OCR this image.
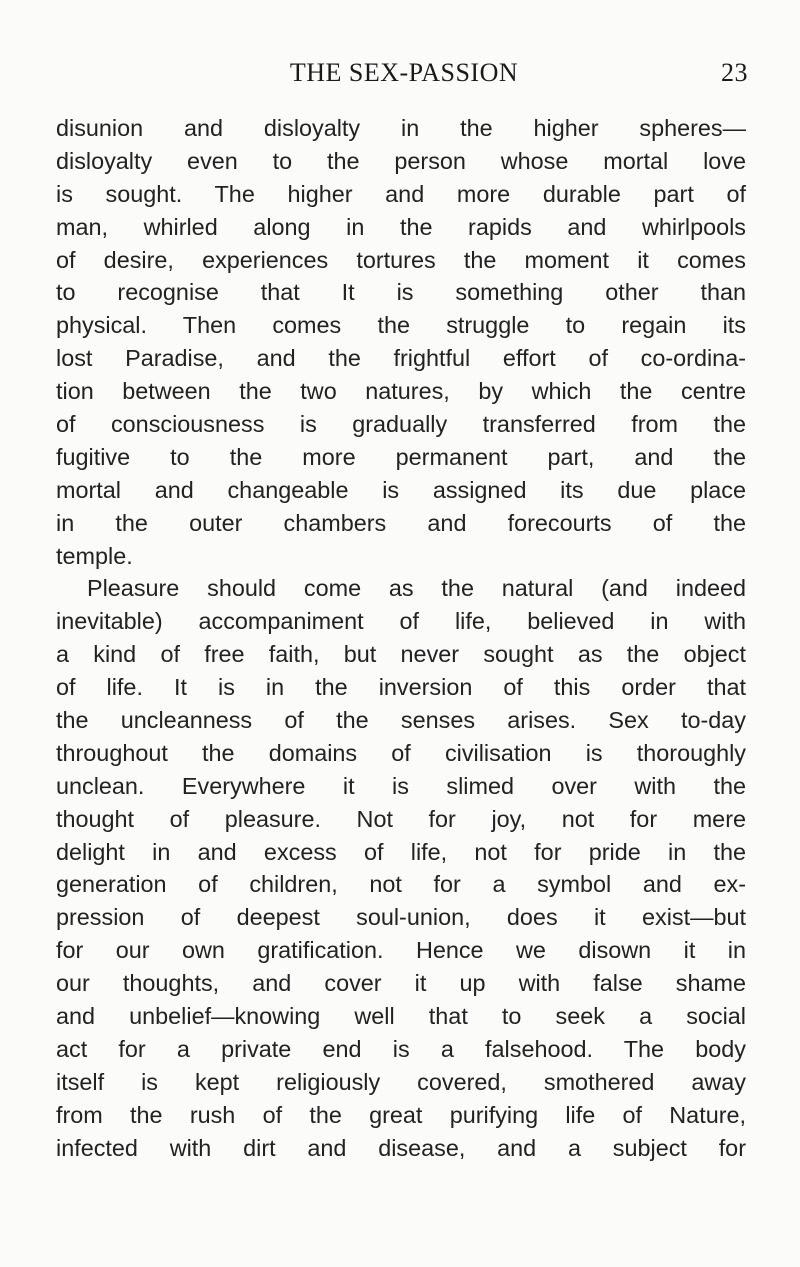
THE SEX-PASSION	23
disunion and disloyalty in the higher spheres—
disloyalty even to the person whose mortal love
is sought. The higher and more durable part of
man, whirled along in the rapids and whirlpools
of desire, experiences tortures the moment it comes
to recognise that It is something other than
physical. Then comes the struggle to regain its
lost Paradise, and the frightful effort of co-ordina-
tion between the two natures, by which the centre
of consciousness is gradually transferred from the
fugitive to the more permanent part, and the
mortal and changeable is assigned its due place
in the outer chambers and forecourts of the
temple.
Pleasure should come as the natural (and indeed
inevitable) accompaniment of life, believed in with
a kind of free faith, but never sought as the object
of life. It is in the inversion of this order that
the uncleanness of the senses arises. Sex to-day
throughout the domains of civilisation is thoroughly
unclean. Everywhere it is slimed over with the
thought of pleasure. Not for joy, not for mere
delight in and excess of life, not for pride in the
generation of children, not for a symbol and ex-
pression of deepest soul-union, does it exist—but
for our own gratification. Hence we disown it in
our thoughts, and cover it up with false shame
and unbelief—knowing well that to seek a social
act for a private end is a falsehood. The body
itself is kept religiously covered, smothered away
from the rush of the great purifying life of Nature,
infected with dirt and disease, and a subject for
